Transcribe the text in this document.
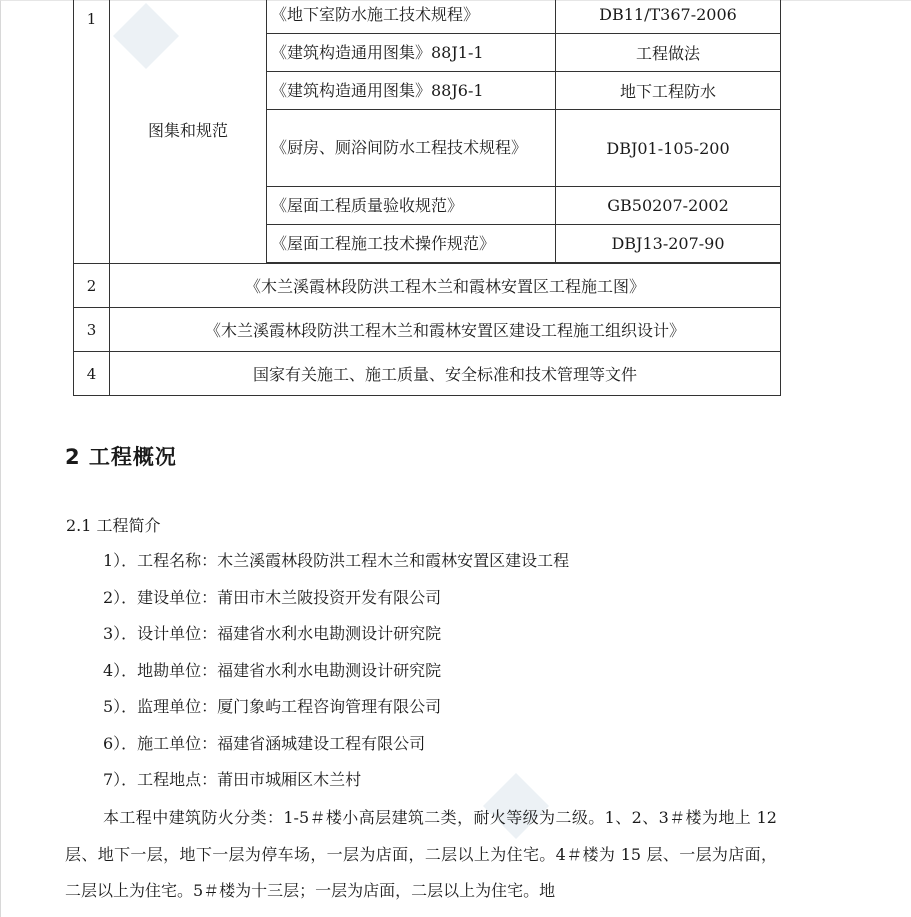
1	图集和规范	《地下室防水施工技术规程》	DB11/T367-2006
		《建筑构造通用图集》88J1-1	工程做法
		《建筑构造通用图集》88J6-1	地下工程防水
		《厨房、厕浴间防水工程技术规程》	DBJ01-105-200
		《屋面工程质量验收规范》	GB50207-2002
		《屋面工程施工技术操作规范》	DBJ13-207-90

2	《木兰溪霞林段防洪工程木兰和霞林安置区工程施工图》		
3	《木兰溪霞林段防洪工程木兰和霞林安置区建设工程施工组织设计》		
4	国家有关施工、施工质量、安全标准和技术管理等文件		
2 工程概况
2.1 工程简介
1）．工程名称：木兰溪霞林段防洪工程木兰和霞林安置区建设工程
2）．建设单位：莆田市木兰陂投资开发有限公司
3）．设计单位：福建省水利水电勘测设计研究院
4）．地勘单位：福建省水利水电勘测设计研究院
5）．监理单位：厦门象屿工程咨询管理有限公司
6）．施工单位：福建省涵城建设工程有限公司
7）．工程地点：莆田市城厢区木兰村

本工程中建筑防火分类：1-5＃楼小高层建筑二类，耐火等级为二级。1、2、3＃楼为地上 12 层、地下一层，地下一层为停车场，一层为店面，二层以上为住宅。4＃楼为 15 层、一层为店面，二层以上为住宅。5＃楼为十三层；一层为店面，二层以上为住宅。地
